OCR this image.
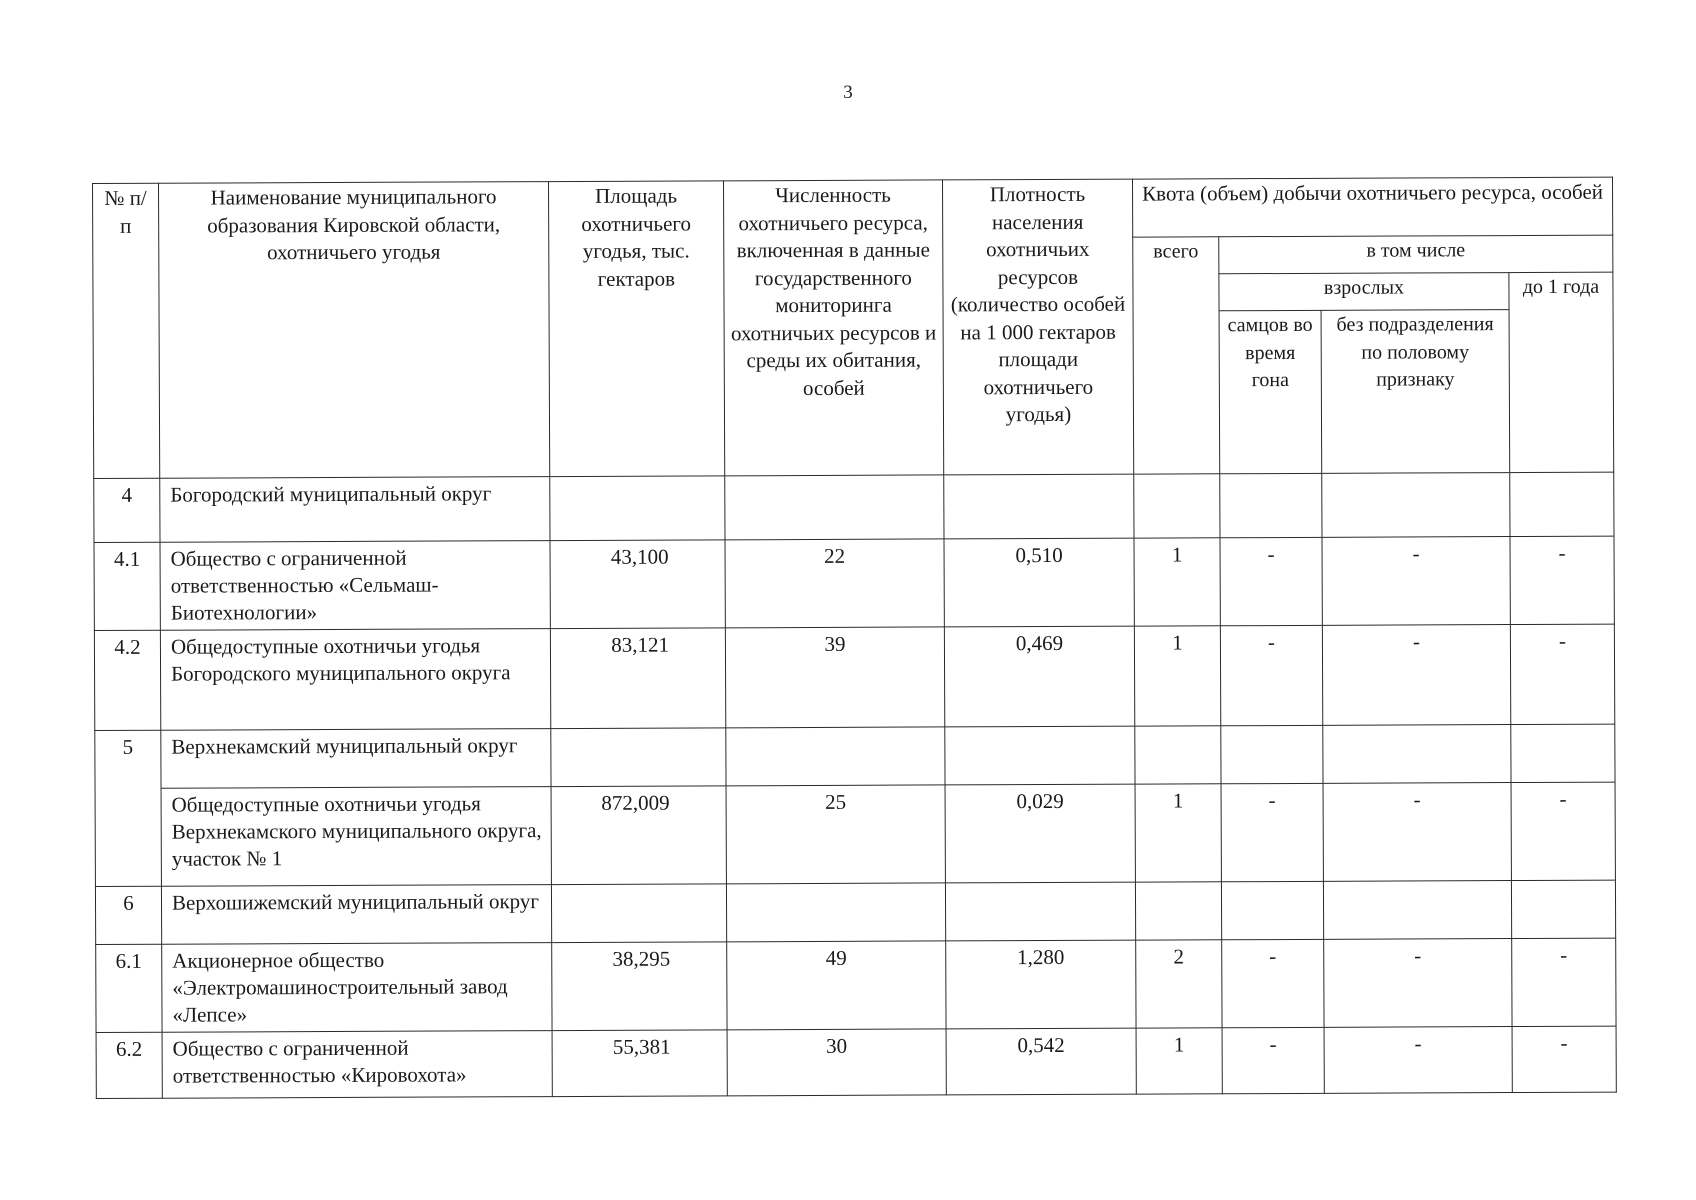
3
№ п/п	Наименование муниципального образования Кировской области, охотничьего угодья	Площадь охотничьего угодья, тыс. гектаров	Численность охотничьего ресурса, включенная в данные государственного мониторинга охотничьих ресурсов и среды их обитания, особей	Плотность населения охотничьих ресурсов (количество особей на 1 000 гектаров площади охотничьего угодья)	Квота (объем) добычи охотничьего ресурса, особей			
					всего	в том числе		
						взрослых		до 1 года
						самцов во время гона	без подразделения по половому признаку	
4	Богородский муниципальный округ							
4.1	Общество с ограниченной ответственностью «Сельмаш-Биотехнологии»	43,100	22	0,510	1	-	-	-
4.2	Общедоступные охотничьи угодья Богородского муниципального округа	83,121	39	0,469	1	-	-	-
5	Верхнекамский муниципальный округ							
	Общедоступные охотничьи угодья Верхнекамского муниципального округа, участок № 1	872,009	25	0,029	1	-	-	-
6	Верхошижемский муниципальный округ							
6.1	Акционерное общество «Электромашиностроительный завод «Лепсе»	38,295	49	1,280	2	-	-	-
6.2	Общество с ограниченной ответственностью «Кировохота»	55,381	30	0,542	1	-	-	-
